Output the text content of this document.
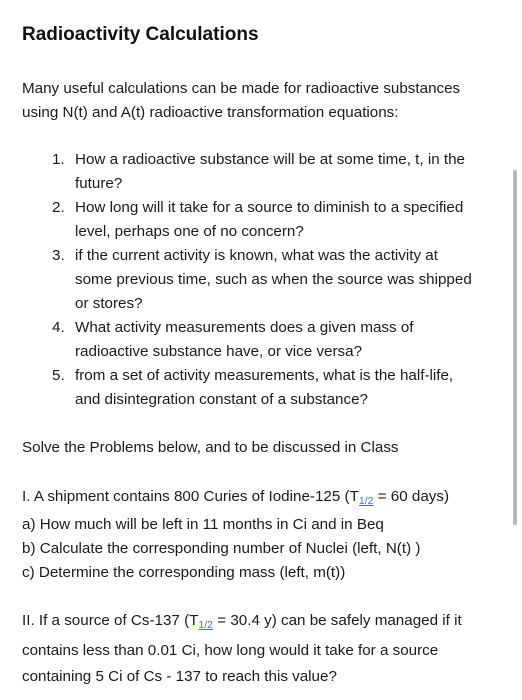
Radioactivity Calculations
Many useful calculations can be made for radioactive substances
using N(t) and A(t) radioactive transformation equations:
1. How a radioactive substance will be at some time, t, in the
future?
2. How long will it take for a source to diminish to a specified
level, perhaps one of no concern?
3. if the current activity is known, what was the activity at
some previous time, such as when the source was shipped
or stores?
4. What activity measurements does a given mass of
radioactive substance have, or vice versa?
5. from a set of activity measurements, what is the half-life,
and disintegration constant of a substance?
Solve the Problems below, and to be discussed in Class
I. A shipment contains 800 Curies of Iodine-125 (T1/2 = 60 days)
a) How much will be left in 11 months in Ci and in Beq
b) Calculate the corresponding number of Nuclei (left, N(t) )
c) Determine the corresponding mass (left, m(t))
II. If a source of Cs-137 (T1/2 = 30.4 y) can be safely managed if it
contains less than 0.01 Ci, how long would it take for a source
containing 5 Ci of Cs - 137 to reach this value?
